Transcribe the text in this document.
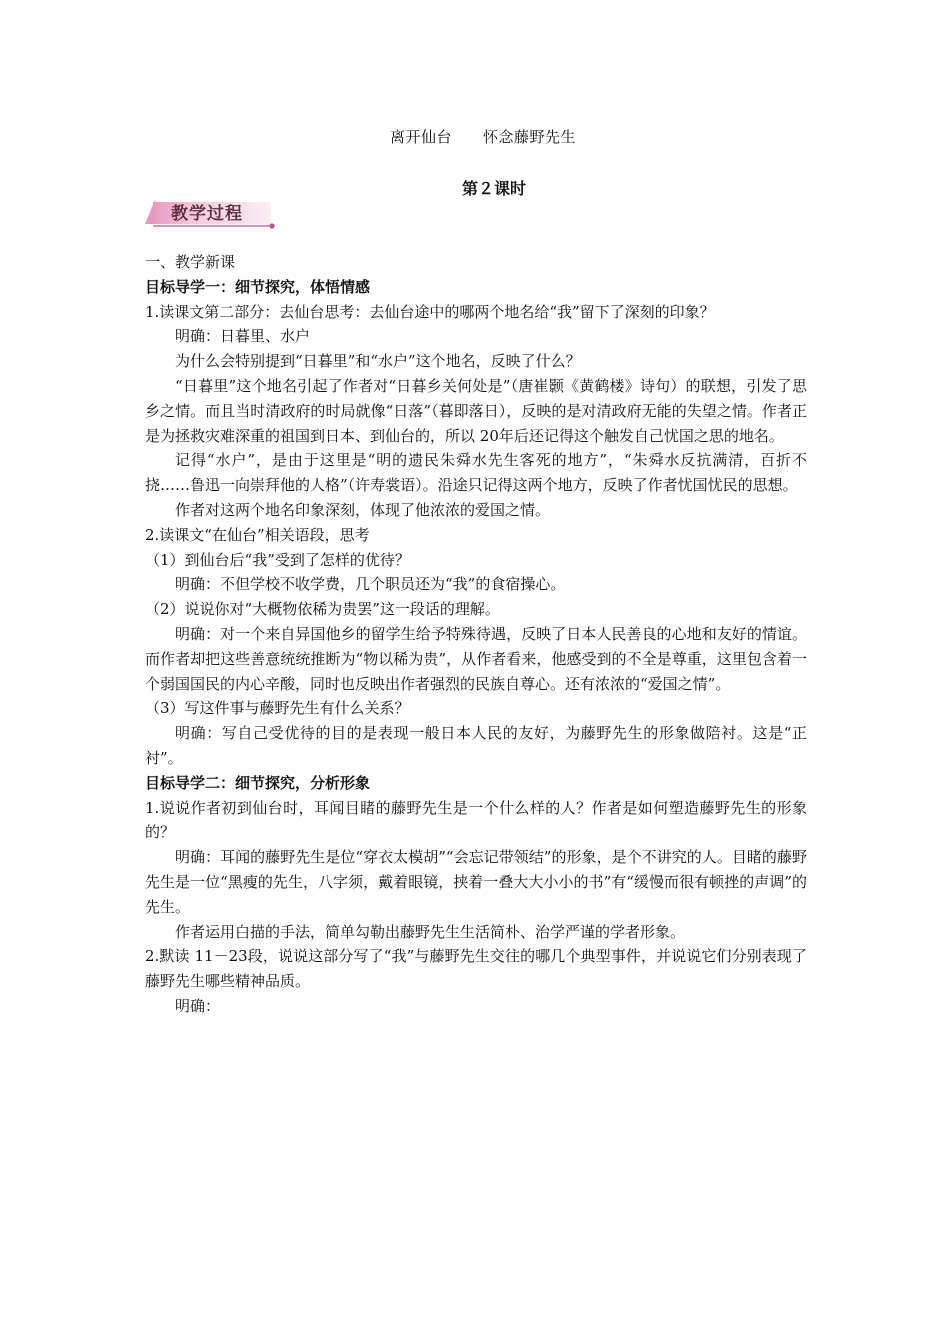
离开仙台　　怀念藤野先生
第２课时
教学过程

一、教学新课

目标导学一：细节探究，体悟情感

1.读课文第二部分：去仙台思考：去仙台途中的哪两个地名给“我”留下了深刻的印象？

明确：日暮里、水户

为什么会特别提到“日暮里”和“水户”这个地名，反映了什么？

“日暮里”这个地名引起了作者对“日暮乡关何处是”（唐崔颢《黄鹤楼》诗句）的联想，引发了思乡之情。而且当时清政府的时局就像“日落”（暮即落日），反映的是对清政府无能的失望之情。作者正是为拯救灾难深重的祖国到日本、到仙台的，所以 20年后还记得这个触发自己忧国之思的地名。

记得“水户”，是由于这里是“明的遗民朱舜水先生客死的地方”，“朱舜水反抗满清，百折不挠……鲁迅一向崇拜他的人格”（许寿裳语）。沿途只记得这两个地方，反映了作者忧国忧民的思想。

作者对这两个地名印象深刻，体现了他浓浓的爱国之情。

2.读课文“在仙台”相关语段，思考

（1）到仙台后“我”受到了怎样的优待？

明确：不但学校不收学费，几个职员还为“我”的食宿操心。

（2）说说你对“大概物依稀为贵罢”这一段话的理解。

明确：对一个来自异国他乡的留学生给予特殊待遇，反映了日本人民善良的心地和友好的情谊。而作者却把这些善意统统推断为“物以稀为贵”，从作者看来，他感受到的不全是尊重，这里包含着一个弱国国民的内心辛酸，同时也反映出作者强烈的民族自尊心。还有浓浓的“爱国之情”。

（3）写这件事与藤野先生有什么关系？

明确：写自己受优待的目的是表现一般日本人民的友好，为藤野先生的形象做陪衬。这是“正衬”。

目标导学二：细节探究，分析形象

1.说说作者初到仙台时，耳闻目睹的藤野先生是一个什么样的人？作者是如何塑造藤野先生的形象的？

明确：耳闻的藤野先生是位“穿衣太模胡”“会忘记带领结”的形象，是个不讲究的人。目睹的藤野先生是一位“黑瘦的先生，八字须，戴着眼镜，挟着一叠大大小小的书”有“缓慢而很有顿挫的声调”的先生。

作者运用白描的手法，简单勾勒出藤野先生生活简朴、治学严谨的学者形象。

2.默读 11－23段，说说这部分写了“我”与藤野先生交往的哪几个典型事件，并说说它们分别表现了藤野先生哪些精神品质。

明确：
